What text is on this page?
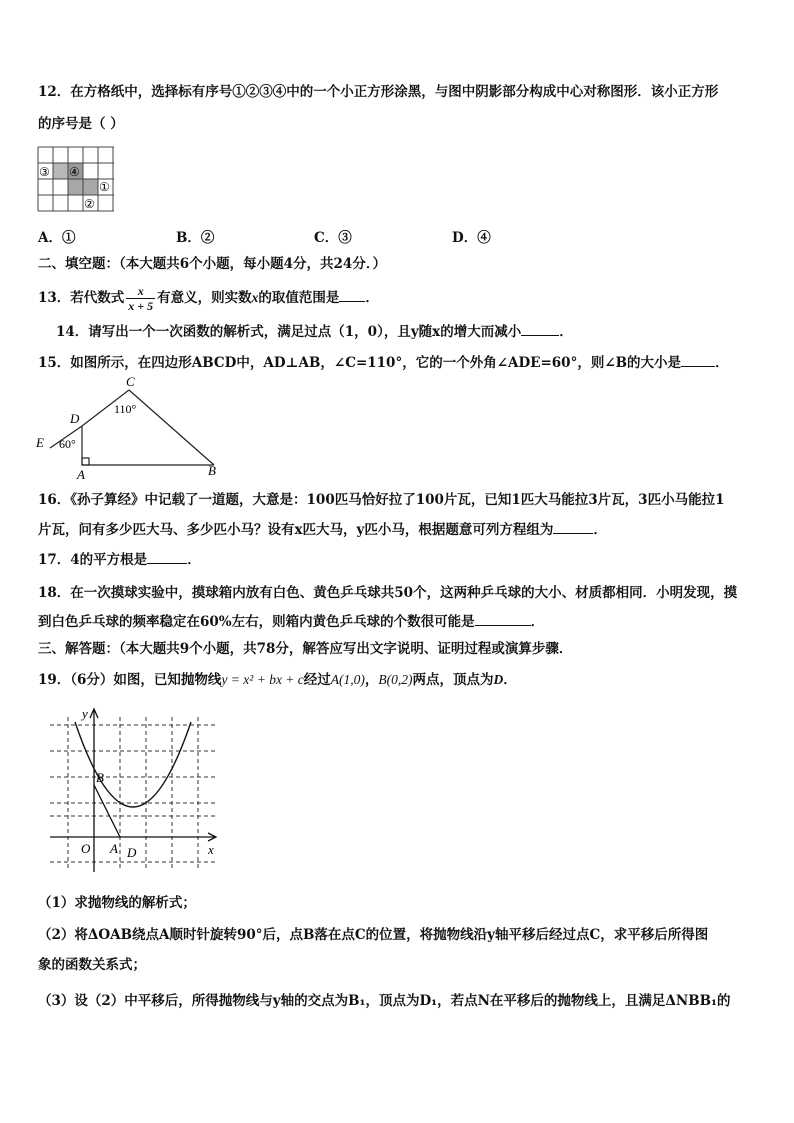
12．在方格纸中，选择标有序号①②③④中的一个小正方形涂黑，与图中阴影部分构成中心对称图形．该小正方形
的序号是（ ）
③ ④
①
②
A．①	B．②	C．③	D．④
二、填空题：（本大题共6个小题，每小题4分，共24分．）
13．若代数式 $\frac{x}{x + 5}$ 有意义，则实数x的取值范围是 ．
14．请写出一个一次函数的解析式，满足过点（1，0），且y随x的增大而减小	．
15．如图所示，在四边形ABCD中，AD⊥AB，∠C=110°，它的一个外角∠ADE=60°，则∠B的大小是	．
C
110°
D
60°
E
A	B
16．《孙子算经》中记载了一道题，大意是：100匹马恰好拉了100片瓦，已知1匹大马能拉3片瓦，3匹小马能拉1
片瓦，问有多少匹大马、多少匹小马？设有x匹大马，y匹小马，根据题意可列方程组为	．
17．4的平方根是	．
18．在一次摸球实验中，摸球箱内放有白色、黄色乒乓球共50个，这两种乒乓球的大小、材质都相同．小明发现，摸
到白色乒乓球的频率稳定在60%左右，则箱内黄色乒乓球的个数很可能是	．
三、解答题：（本大题共9个小题，共78分，解答应写出文字说明、证明过程或演算步骤．
19．（6分）如图，已知抛物线y = x² + bx + c经过A(1,0)，B(0,2)两点，顶点为D．
y
x
B
O A D
（1）求抛物线的解析式；
（2）将ΔOAB绕点A顺时针旋转90°后，点B落在点C的位置，将抛物线沿y轴平移后经过点C，求平移后所得图
象的函数关系式；
（3）设（2）中平移后，所得抛物线与y轴的交点为B₁，顶点为D₁，若点N在平移后的抛物线上，且满足ΔNBB₁的
